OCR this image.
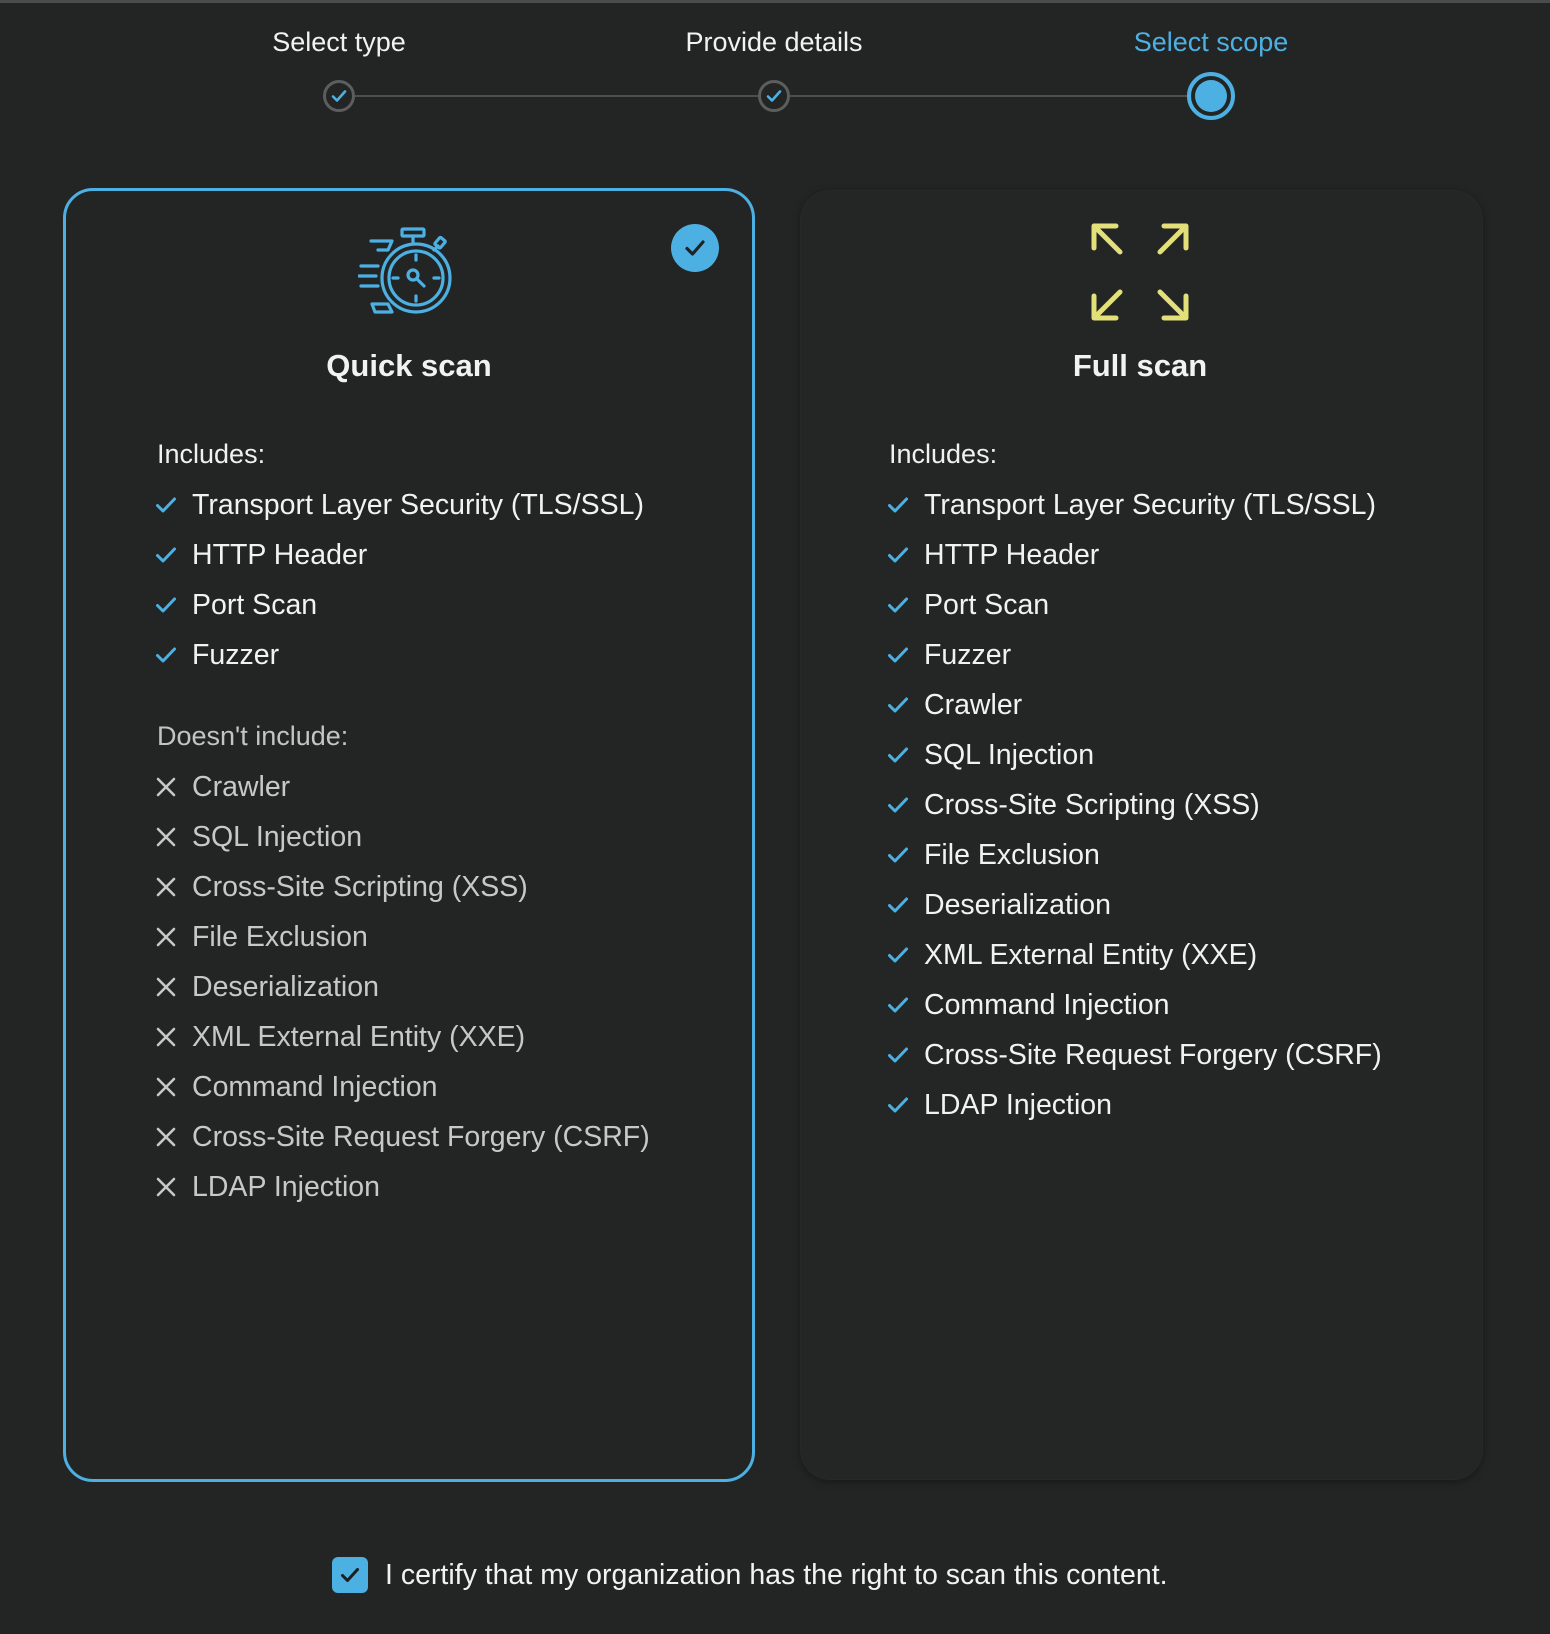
Select type	Provide details	Select scope
Quick scan
Includes:
Transport Layer Security (TLS/SSL)
HTTP Header
Port Scan
Fuzzer
Doesn't include:
Crawler
SQL Injection
Cross-Site Scripting (XSS)
File Exclusion
Deserialization
XML External Entity (XXE)
Command Injection
Cross-Site Request Forgery (CSRF)
LDAP Injection
Full scan
Includes:
Transport Layer Security (TLS/SSL)
HTTP Header
Port Scan
Fuzzer
Crawler
SQL Injection
Cross-Site Scripting (XSS)
File Exclusion
Deserialization
XML External Entity (XXE)
Command Injection
Cross-Site Request Forgery (CSRF)
LDAP Injection
I certify that my organization has the right to scan this content.
